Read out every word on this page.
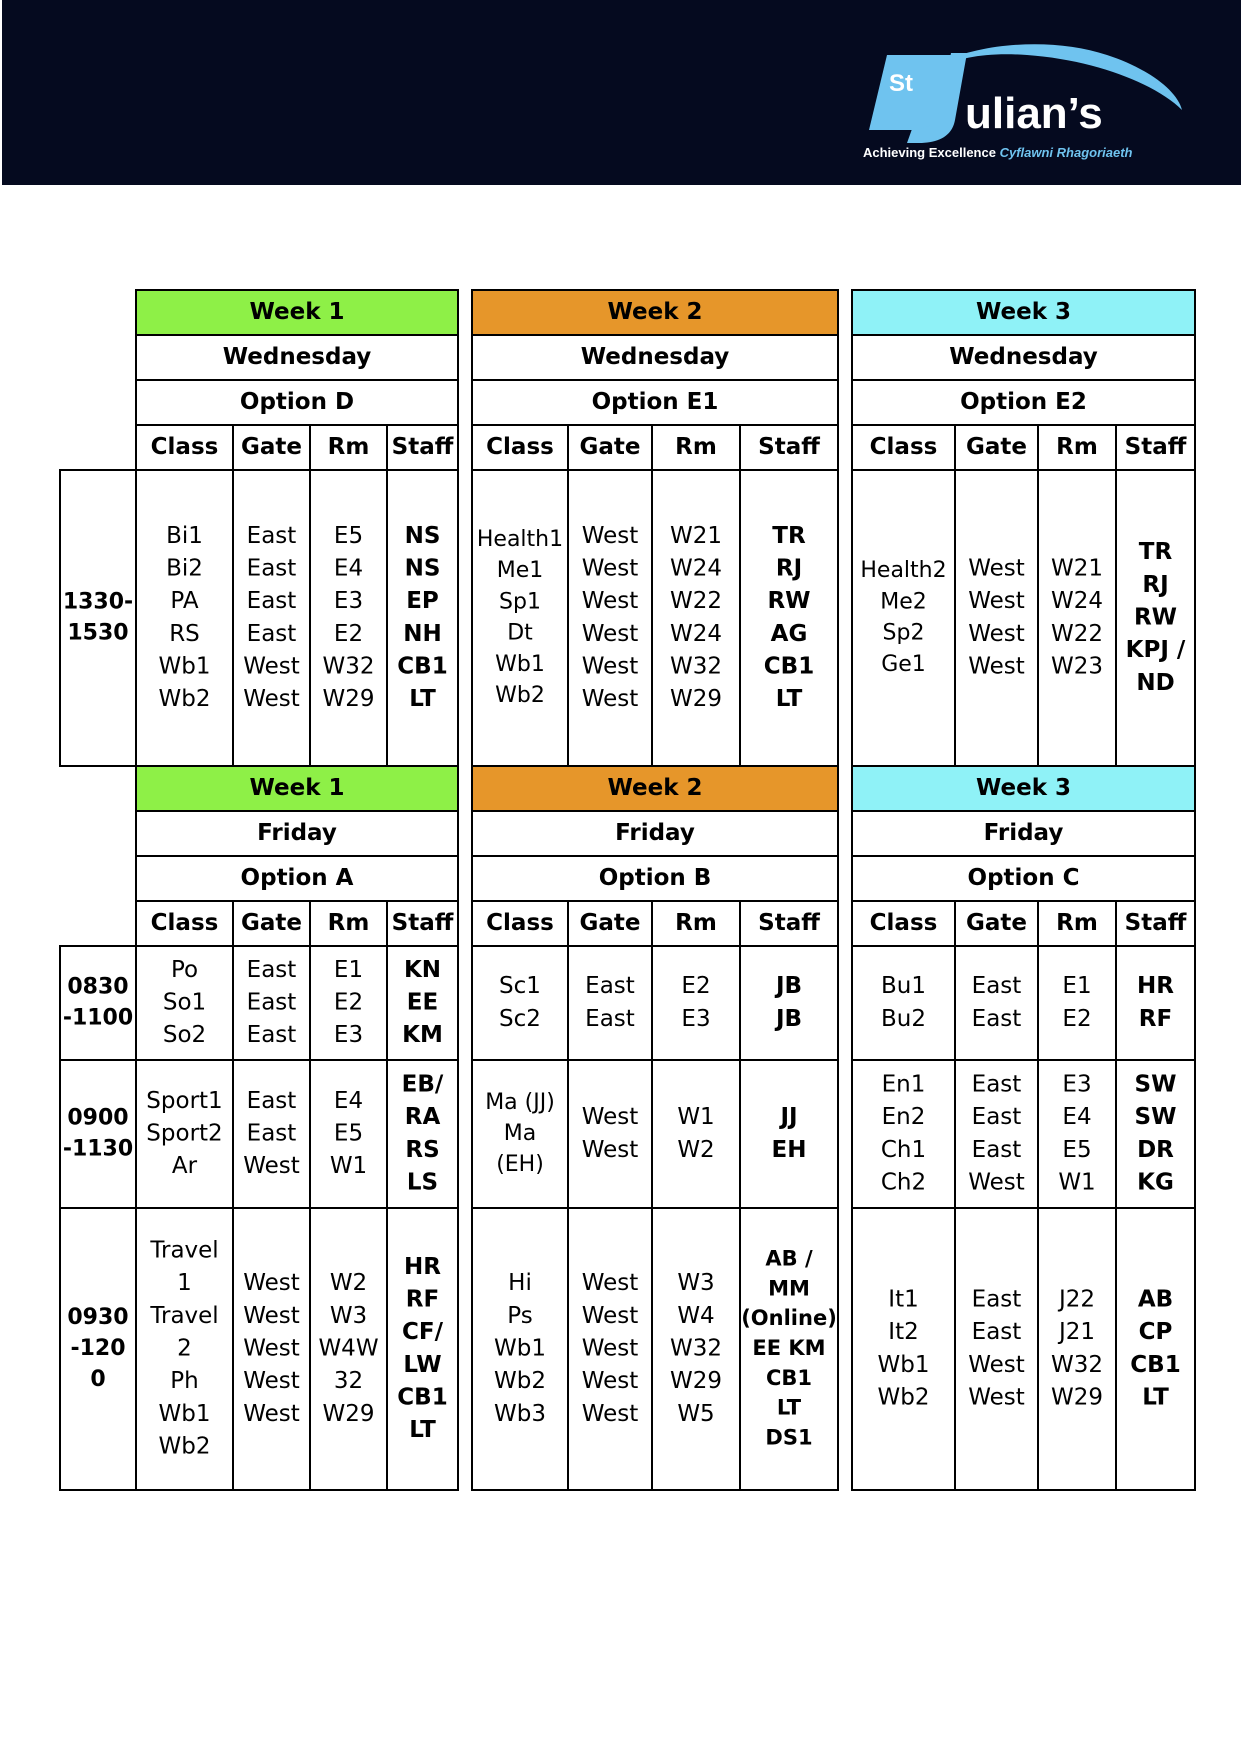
St
ulian’s
Achieving Excellence Cyflawni Rhagoriaeth
1330-
1530
Week 1
Wednesday
Option D
Class Gate Rm Staff
Bi1
Bi2
PA
RS
Wb1
Wb2
East
East
East
East
West
West
E5
E4
E3
E2
W32
W29
NS
NS
EP
NH
CB1
LT
Week 2
Wednesday
Option E1
Class Gate Rm Staff
Health1
Me1
Sp1
Dt
Wb1
Wb2
West
West
West
West
West
West
W21
W24
W22
W24
W32
W29
TR
RJ
RW
AG
CB1
LT
Week 3
Wednesday
Option E2
Class Gate Rm Staff
Health2
Me2
Sp2
Ge1
West
West
West
West
W21
W24
W22
W23
TR
RJ
RW
KPJ /
ND
0830
-1100
0900
-1130
0930
-120
0
Week 1
Friday
Option A
Class Gate Rm Staff
Po
So1
So2
East
East
East
E1
E2
E3
KN
EE
KM
Sport1
Sport2
Ar
East
East
West
E4
E5
W1
EB/
RA
RS
LS
Travel
1
Travel
2
Ph
Wb1
Wb2
West
West
West
West
West
W2
W3
W4W
32
W29
HR
RF
CF/
LW
CB1
LT
Week 2
Friday
Option B
Class Gate Rm Staff
Sc1
Sc2
East
East
E2
E3
JB
JB
Ma (JJ)
Ma
(EH)
West
West
W1
W2
JJ
EH
Hi
Ps
Wb1
Wb2
Wb3
West
West
West
West
West
W3
W4
W32
W29
W5
AB /
MM
(Online)
EE KM
CB1
LT
DS1
Week 3
Friday
Option C
Class Gate Rm Staff
Bu1
Bu2
East
East
E1
E2
HR
RF
En1
En2
Ch1
Ch2
East
East
East
West
E3
E4
E5
W1
SW
SW
DR
KG
It1
It2
Wb1
Wb2
East
East
West
West
J22
J21
W32
W29
AB
CP
CB1
LT
